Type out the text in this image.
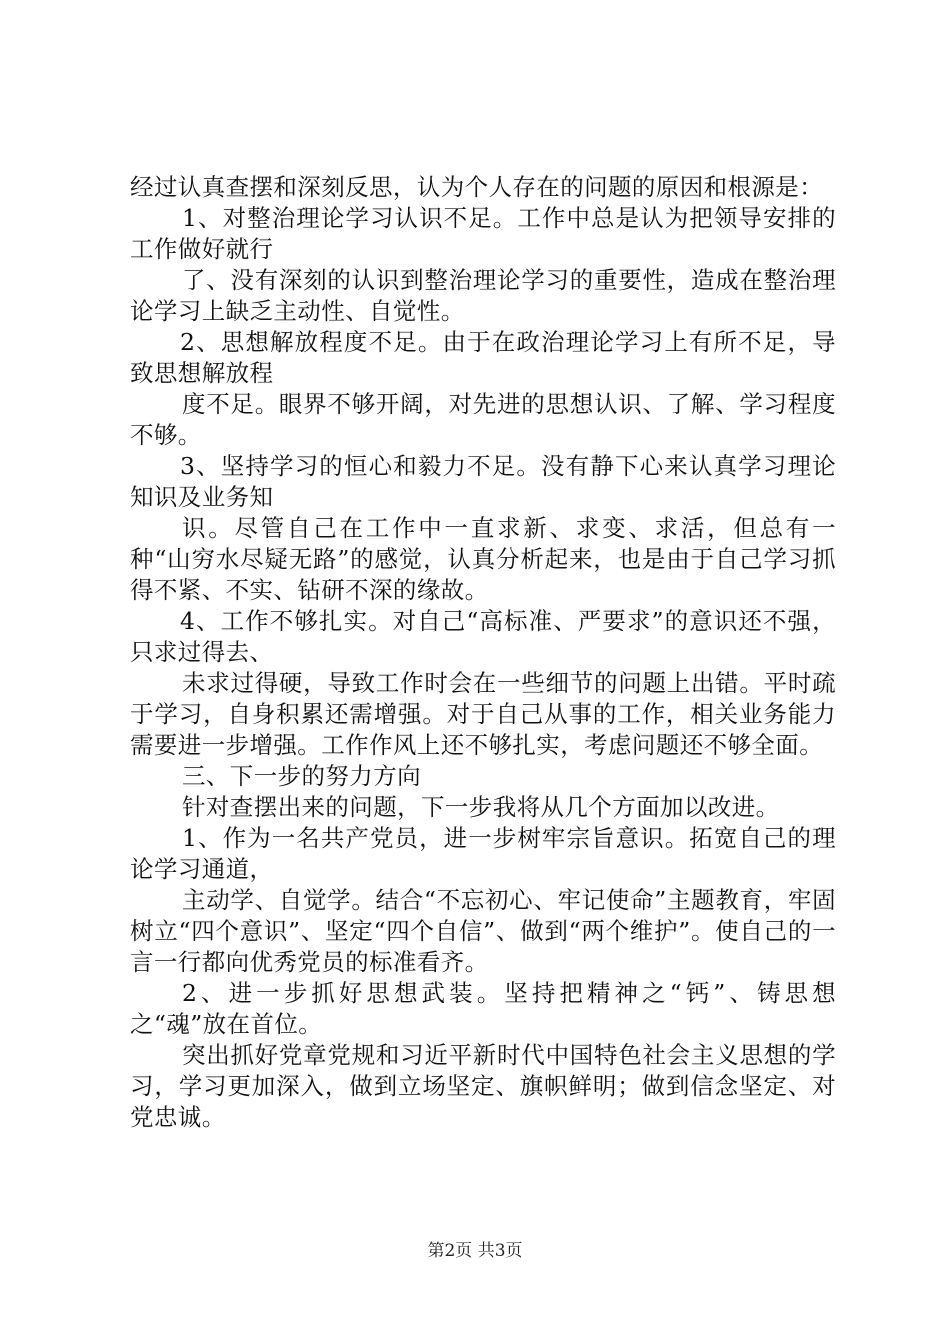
经过认真查摆和深刻反思，认为个人存在的问题的原因和根源是：

1、对整治理论学习认识不足。工作中总是认为把领导安排的工作做好就行

了、没有深刻的认识到整治理论学习的重要性，造成在整治理论学习上缺乏主动性、自觉性。

2、思想解放程度不足。由于在政治理论学习上有所不足，导致思想解放程

度不足。眼界不够开阔，对先进的思想认识、了解、学习程度不够。

3、坚持学习的恒心和毅力不足。没有静下心来认真学习理论知识及业务知

识。尽管自己在工作中一直求新、求变、求活，但总有一种“山穷水尽疑无路”的感觉，认真分析起来，也是由于自己学习抓得不紧、不实、钻研不深的缘故。

4、工作不够扎实。对自己“高标准、严要求”的意识还不强，只求过得去、

未求过得硬，导致工作时会在一些细节的问题上出错。平时疏于学习，自身积累还需增强。对于自己从事的工作，相关业务能力需要进一步增强。工作作风上还不够扎实，考虑问题还不够全面。

三、下一步的努力方向

针对查摆出来的问题，下一步我将从几个方面加以改进。

1、作为一名共产党员，进一步树牢宗旨意识。拓宽自己的理论学习通道，

主动学、自觉学。结合“不忘初心、牢记使命”主题教育，牢固树立“四个意识”、坚定“四个自信”、做到“两个维护”。使自己的一言一行都向优秀党员的标准看齐。

2、进一步抓好思想武装。坚持把精神之“钙”、铸思想之“魂”放在首位。

突出抓好党章党规和习近平新时代中国特色社会主义思想的学习，学习更加深入，做到立场坚定、旗帜鲜明；做到信念坚定、对党忠诚。

第2页 共3页
